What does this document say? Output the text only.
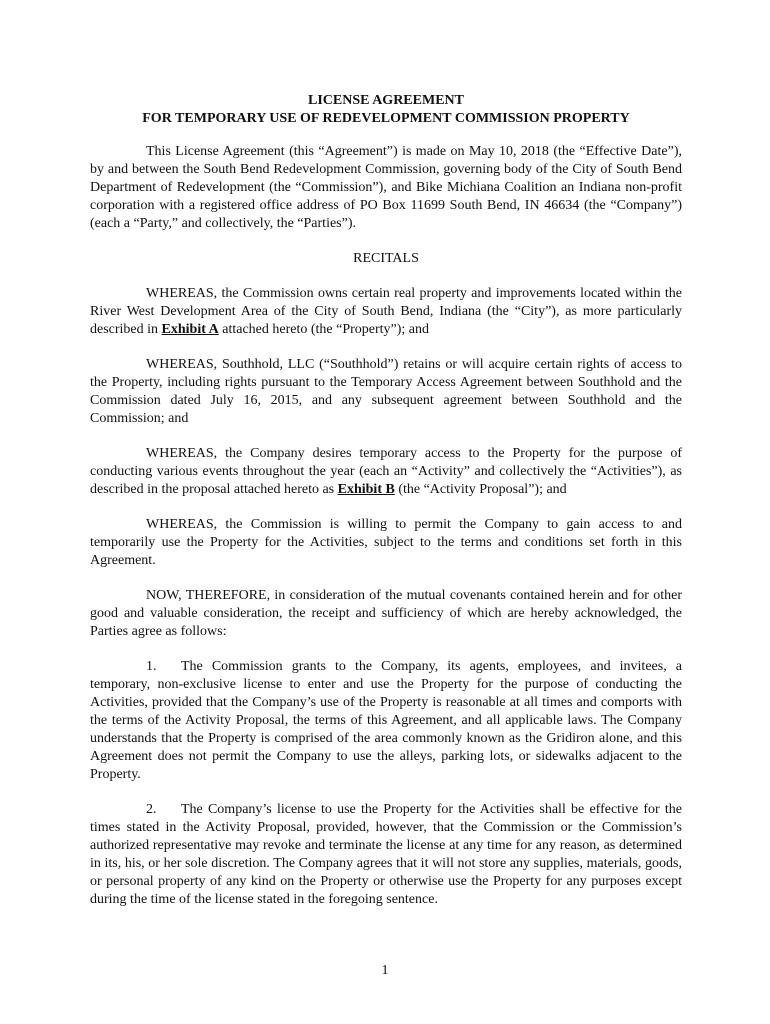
LICENSE AGREEMENT
FOR TEMPORARY USE OF REDEVELOPMENT COMMISSION PROPERTY

This License Agreement (this “Agreement”) is made on May 10, 2018 (the “Effective Date”), by and between the South Bend Redevelopment Commission, governing body of the City of South Bend Department of Redevelopment (the “Commission”), and Bike Michiana Coalition an Indiana non-profit corporation with a registered office address of PO Box 11699 South Bend, IN 46634 (the “Company”) (each a “Party,” and collectively, the “Parties”).

RECITALS

WHEREAS, the Commission owns certain real property and improvements located within the River West Development Area of the City of South Bend, Indiana (the “City”), as more particularly described in Exhibit A attached hereto (the “Property”); and

WHEREAS, Southhold, LLC (“Southhold”) retains or will acquire certain rights of access to the Property, including rights pursuant to the Temporary Access Agreement between Southhold and the Commission dated July 16, 2015, and any subsequent agreement between Southhold and the Commission; and

WHEREAS, the Company desires temporary access to the Property for the purpose of conducting various events throughout the year (each an “Activity” and collectively the “Activities”), as described in the proposal attached hereto as Exhibit B (the “Activity Proposal”); and

WHEREAS, the Commission is willing to permit the Company to gain access to and temporarily use the Property for the Activities, subject to the terms and conditions set forth in this Agreement.

NOW, THEREFORE, in consideration of the mutual covenants contained herein and for other good and valuable consideration, the receipt and sufficiency of which are hereby acknowledged, the Parties agree as follows:

1. The Commission grants to the Company, its agents, employees, and invitees, a temporary, non-exclusive license to enter and use the Property for the purpose of conducting the Activities, provided that the Company’s use of the Property is reasonable at all times and comports with the terms of the Activity Proposal, the terms of this Agreement, and all applicable laws. The Company understands that the Property is comprised of the area commonly known as the Gridiron alone, and this Agreement does not permit the Company to use the alleys, parking lots, or sidewalks adjacent to the Property.

2. The Company’s license to use the Property for the Activities shall be effective for the times stated in the Activity Proposal, provided, however, that the Commission or the Commission’s authorized representative may revoke and terminate the license at any time for any reason, as determined in its, his, or her sole discretion. The Company agrees that it will not store any supplies, materials, goods, or personal property of any kind on the Property or otherwise use the Property for any purposes except during the time of the license stated in the foregoing sentence.

1
